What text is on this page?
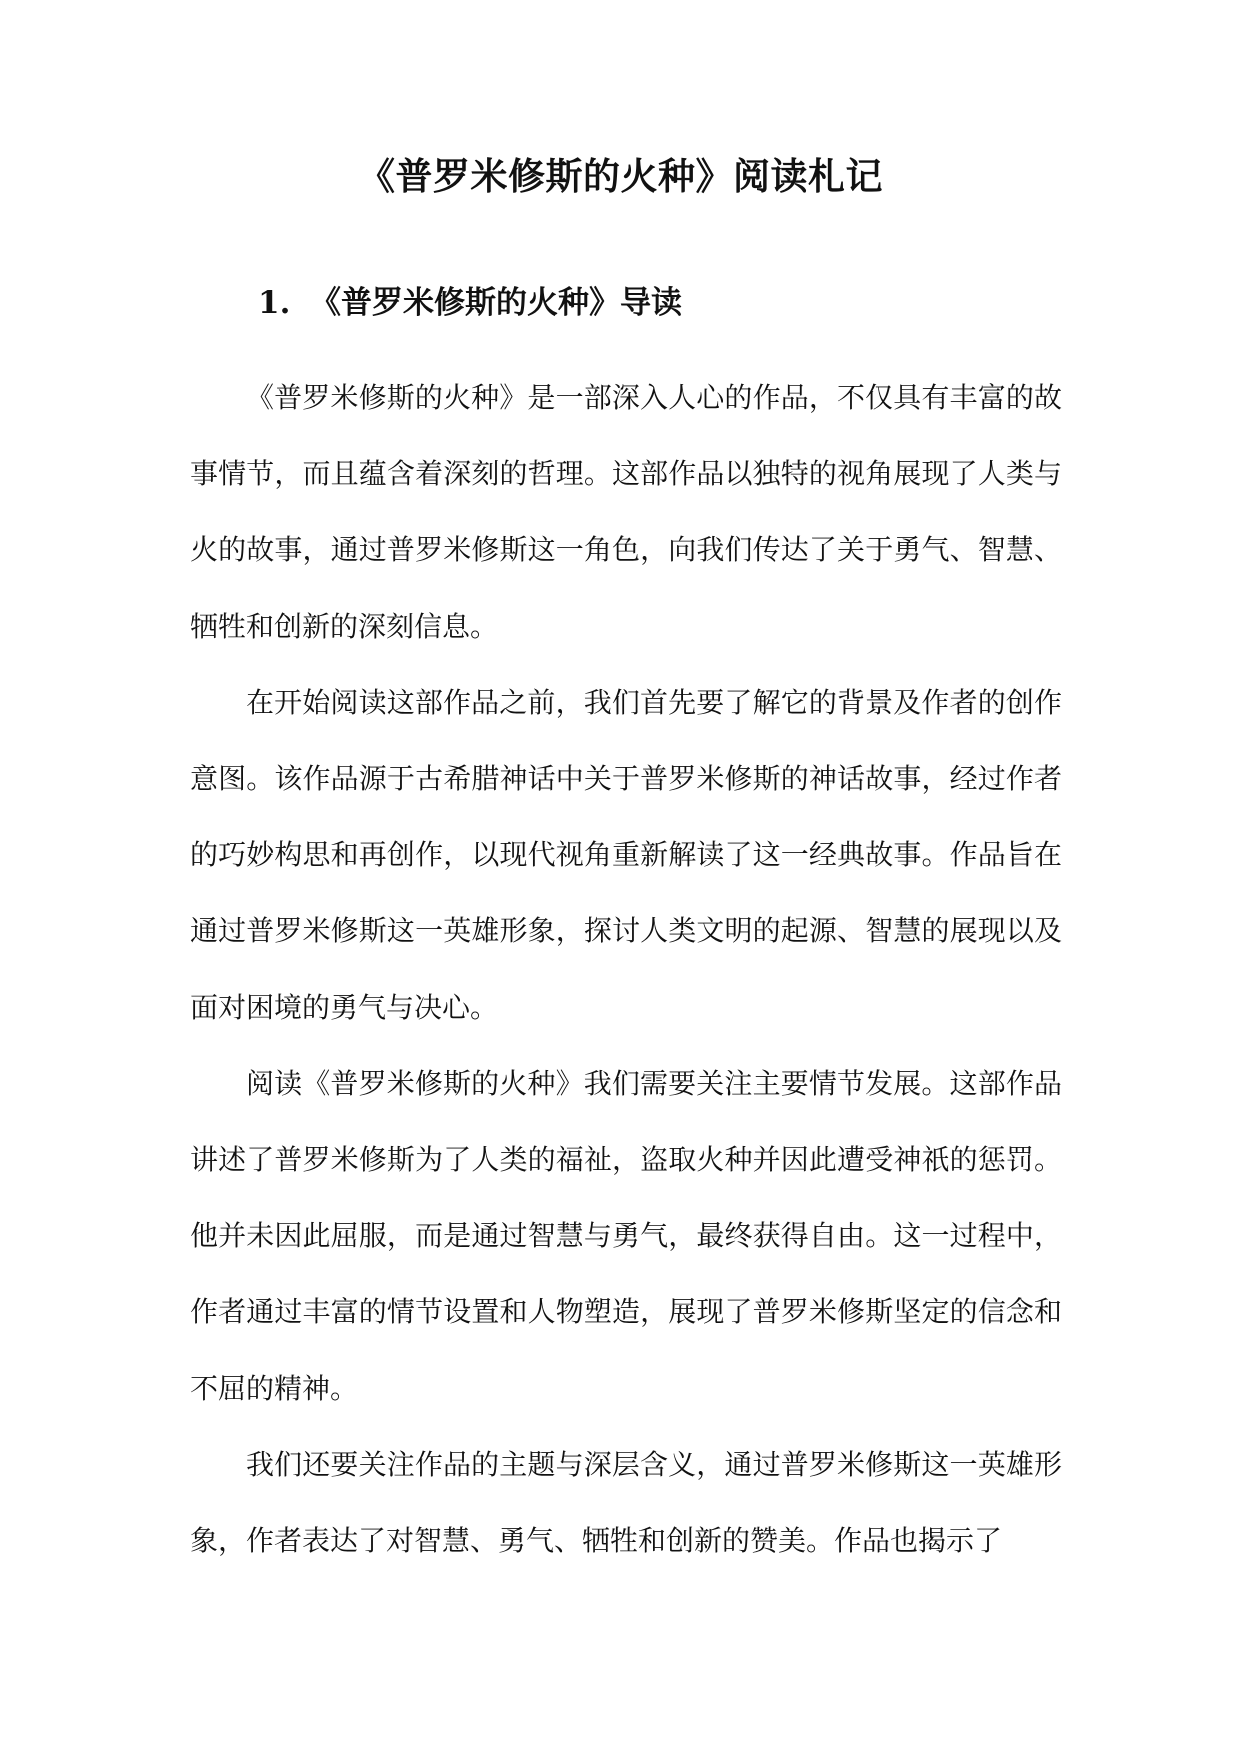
《普罗米修斯的火种》阅读札记
1. 《普罗米修斯的火种》导读

《普罗米修斯的火种》是一部深入人心的作品，不仅具有丰富的故事情节，而且蕴含着深刻的哲理。这部作品以独特的视角展现了人类与火的故事，通过普罗米修斯这一角色，向我们传达了关于勇气、智慧、牺牲和创新的深刻信息。

在开始阅读这部作品之前，我们首先要了解它的背景及作者的创作意图。该作品源于古希腊神话中关于普罗米修斯的神话故事，经过作者的巧妙构思和再创作，以现代视角重新解读了这一经典故事。作品旨在通过普罗米修斯这一英雄形象，探讨人类文明的起源、智慧的展现以及面对困境的勇气与决心。

阅读《普罗米修斯的火种》我们需要关注主要情节发展。这部作品讲述了普罗米修斯为了人类的福祉，盗取火种并因此遭受神祇的惩罚。他并未因此屈服，而是通过智慧与勇气，最终获得自由。这一过程中，作者通过丰富的情节设置和人物塑造，展现了普罗米修斯坚定的信念和不屈的精神。

我们还要关注作品的主题与深层含义，通过普罗米修斯这一英雄形象，作者表达了对智慧、勇气、牺牲和创新的赞美。作品也揭示了
